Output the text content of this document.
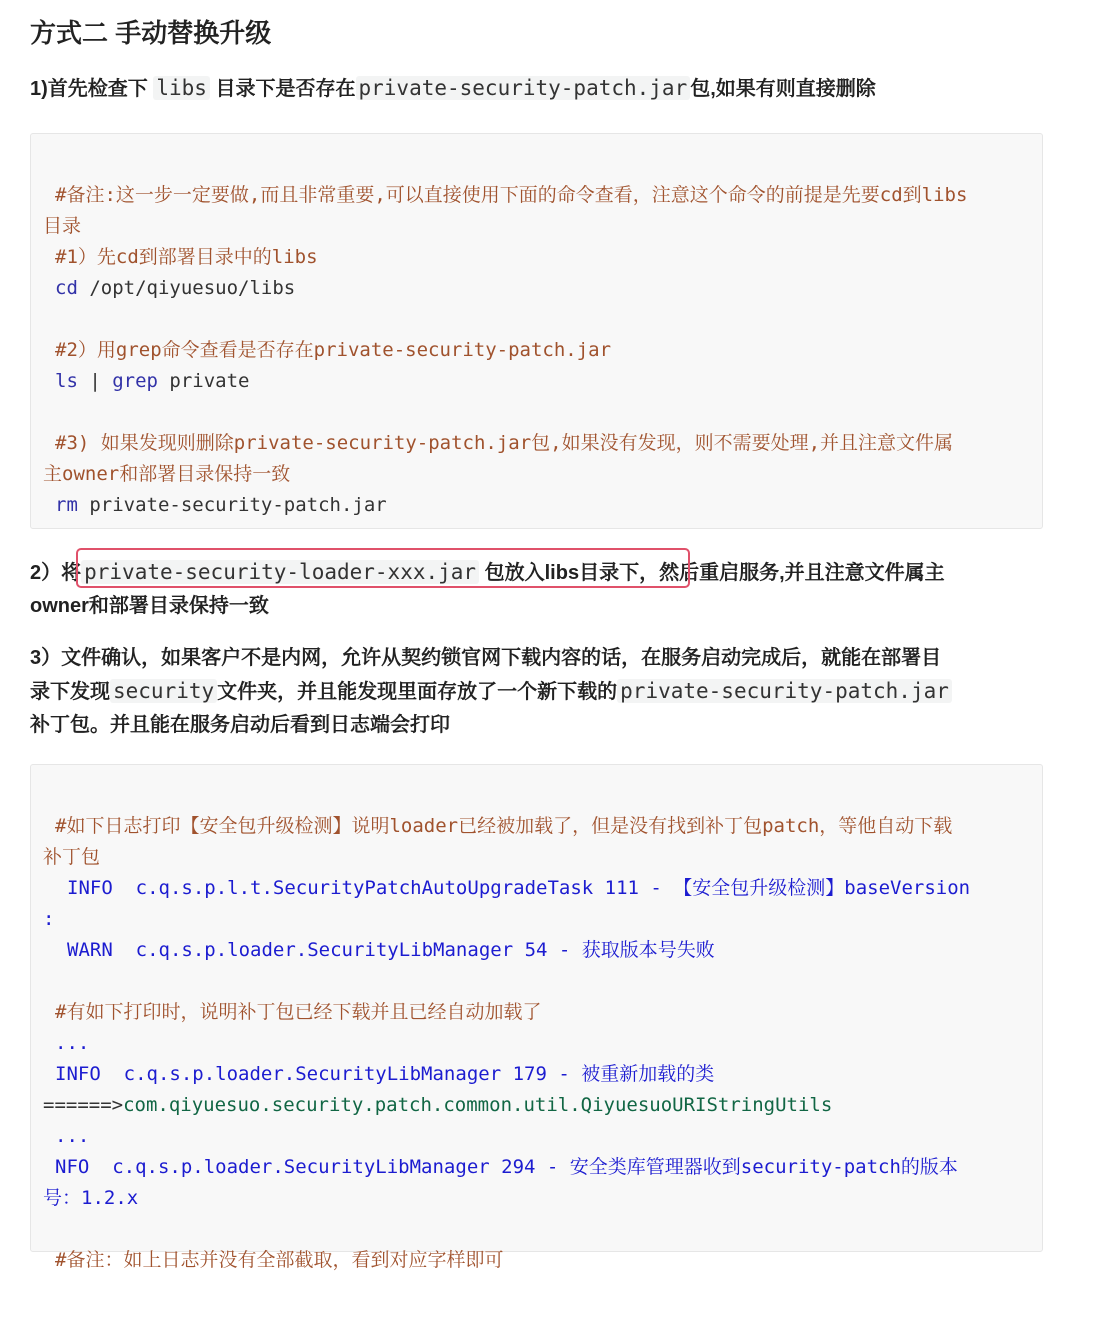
方式二 手动替换升级

1)首先检查下 libs 目录下是否存在 private-security-patch.jar 包,如果有则直接删除

#备注:这一步一定要做,而且非常重要,可以直接使用下面的命令查看，注意这个命令的前提是先要cd到libs
目录
#1）先cd到部署目录中的libs
cd /opt/qiyuesuo/libs
#2）用grep命令查看是否存在private-security-patch.jar
ls | grep private
#3) 如果发现则删除private-security-patch.jar包,如果没有发现，则不需要处理,并且注意文件属
主owner和部署目录保持一致
rm private-security-patch.jar

2）将 private-security-loader-xxx.jar 包放入libs目录下，然后重启服务,并且注意文件属主
owner和部署目录保持一致

3）文件确认，如果客户不是内网，允许从契约锁官网下载内容的话，在服务启动完成后，就能在部署目
录下发现 security 文件夹，并且能发现里面存放了一个新下载的 private-security-patch.jar
补丁包。并且能在服务启动后看到日志端会打印

#如下日志打印【安全包升级检测】说明loader已经被加载了，但是没有找到补丁包patch，等他自动下载
补丁包
INFO  c.q.s.p.l.t.SecurityPatchAutoUpgradeTask 111 - 【安全包升级检测】baseVersion
:
WARN  c.q.s.p.loader.SecurityLibManager 54 - 获取版本号失败
#有如下打印时，说明补丁包已经下载并且已经自动加载了
...
INFO  c.q.s.p.loader.SecurityLibManager 179 - 被重新加载的类
======>com.qiyuesuo.security.patch.common.util.QiyuesuoURIStringUtils
...
NFO  c.q.s.p.loader.SecurityLibManager 294 - 安全类库管理器收到security-patch的版本
号：1.2.x
#备注：如上日志并没有全部截取，看到对应字样即可
